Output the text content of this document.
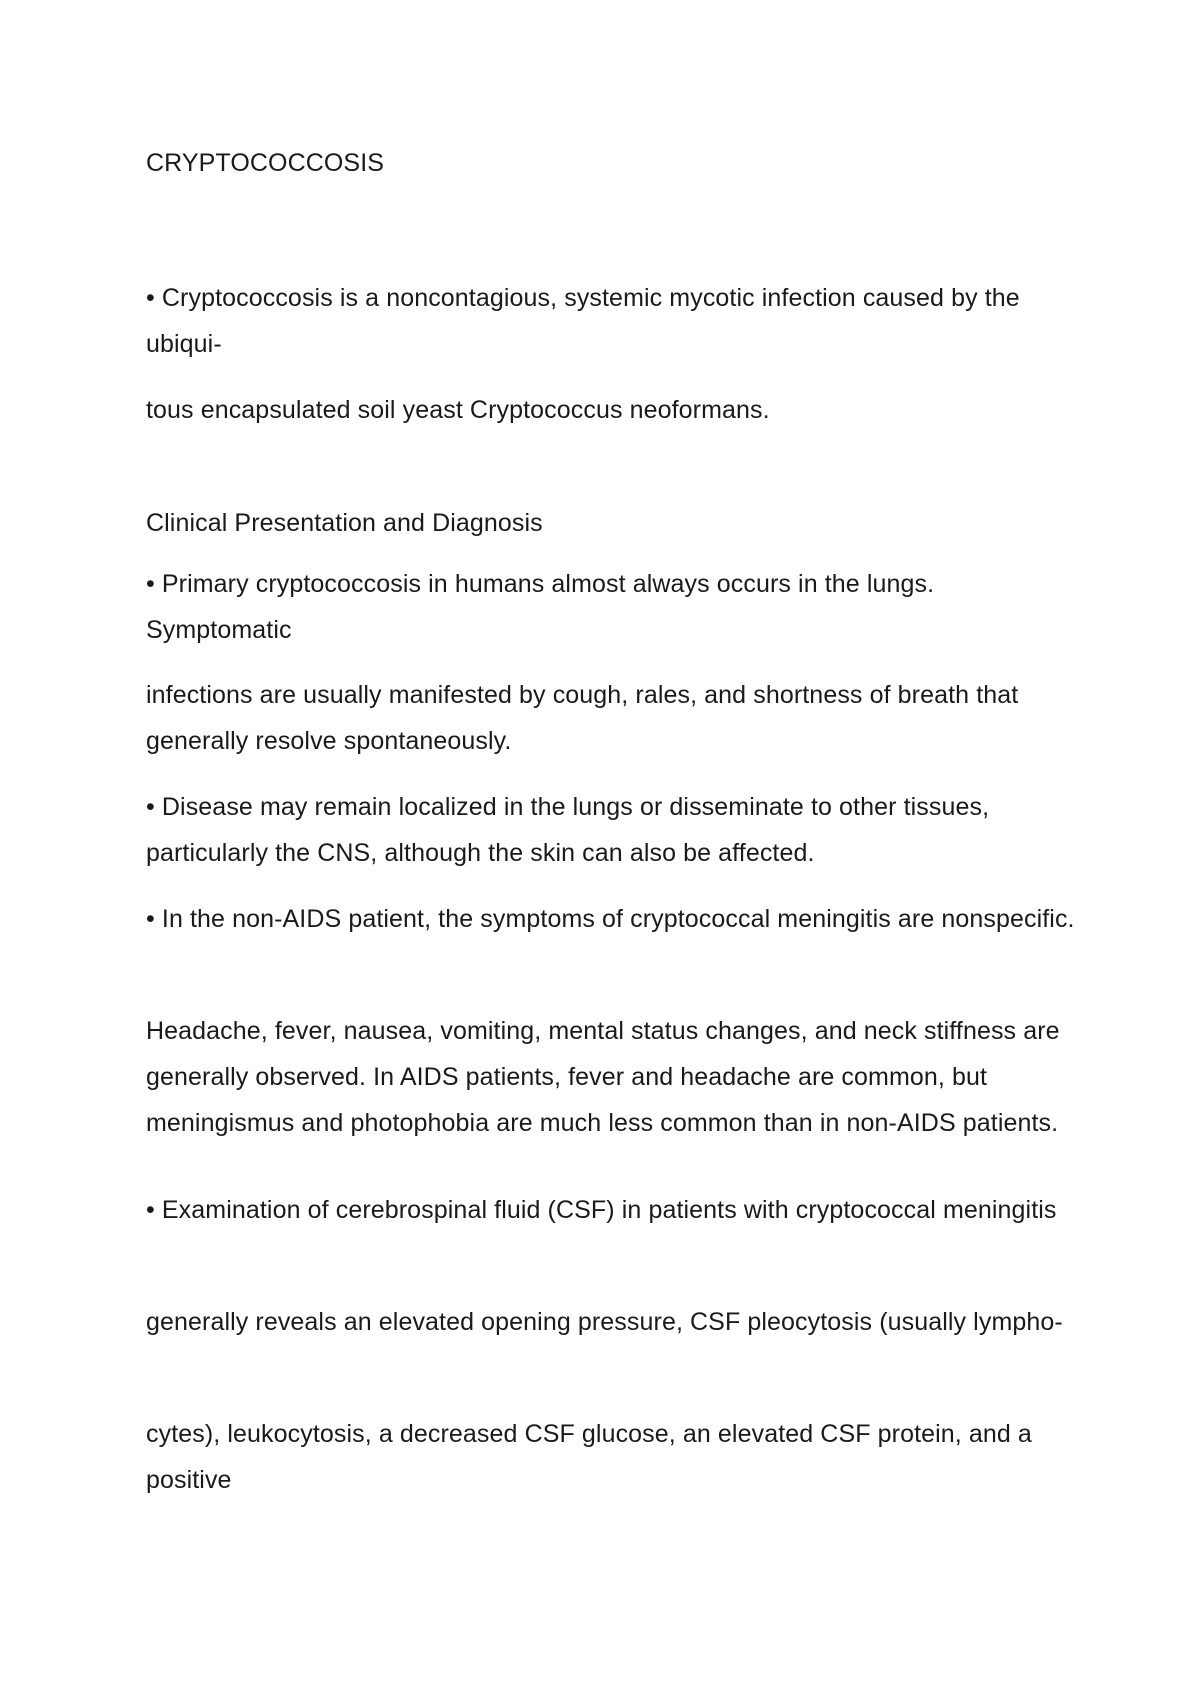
CRYPTOCOCCOSIS

• Cryptococcosis is a noncontagious, systemic mycotic infection caused by the ubiqui-

tous encapsulated soil yeast Cryptococcus neoformans.

Clinical Presentation and Diagnosis

• Primary cryptococcosis in humans almost always occurs in the lungs. Symptomatic

infections are usually manifested by cough, rales, and shortness of breath that generally resolve spontaneously.

• Disease may remain localized in the lungs or disseminate to other tissues, particularly the CNS, although the skin can also be affected.

• In the non-AIDS patient, the symptoms of cryptococcal meningitis are nonspecific.

Headache, fever, nausea, vomiting, mental status changes, and neck stiffness are generally observed. In AIDS patients, fever and headache are common, but meningismus and photophobia are much less common than in non-AIDS patients.

• Examination of cerebrospinal fluid (CSF) in patients with cryptococcal meningitis

generally reveals an elevated opening pressure, CSF pleocytosis (usually lympho-

cytes), leukocytosis, a decreased CSF glucose, an elevated CSF protein, and a positive
